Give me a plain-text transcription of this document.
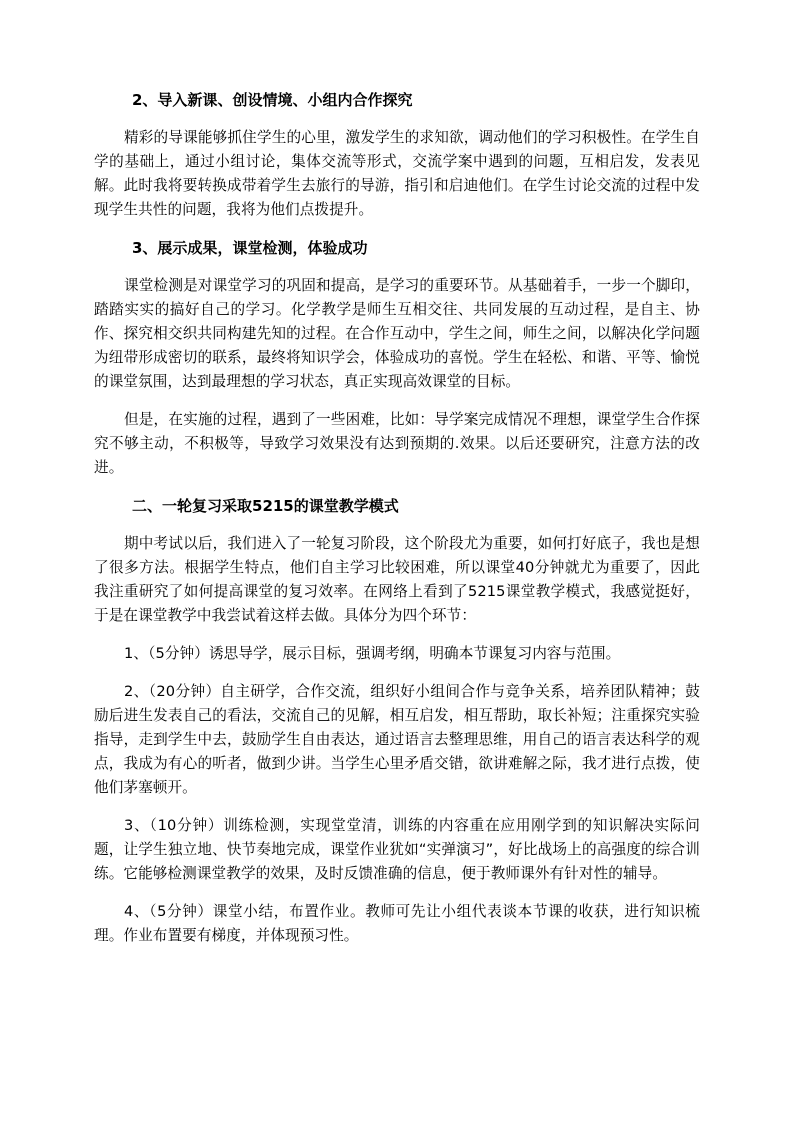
2、导入新课、创设情境、小组内合作探究

精彩的导课能够抓住学生的心里，激发学生的求知欲，调动他们的学习积极性。在学生自学的基础上，通过小组讨论，集体交流等形式，交流学案中遇到的问题，互相启发，发表见解。此时我将要转换成带着学生去旅行的导游，指引和启迪他们。在学生讨论交流的过程中发现学生共性的问题，我将为他们点拨提升。

3、展示成果，课堂检测，体验成功

课堂检测是对课堂学习的巩固和提高，是学习的重要环节。从基础着手，一步一个脚印，踏踏实实的搞好自己的学习。化学教学是师生互相交往、共同发展的互动过程，是自主、协作、探究相交织共同构建先知的过程。在合作互动中，学生之间，师生之间，以解决化学问题为纽带形成密切的联系，最终将知识学会，体验成功的喜悦。学生在轻松、和谐、平等、愉悦的课堂氛围，达到最理想的学习状态，真正实现高效课堂的目标。

但是，在实施的过程，遇到了一些困难，比如：导学案完成情况不理想，课堂学生合作探究不够主动，不积极等，导致学习效果没有达到预期的.效果。以后还要研究，注意方法的改进。

二、一轮复习采取5215的课堂教学模式

期中考试以后，我们进入了一轮复习阶段，这个阶段尤为重要，如何打好底子，我也是想了很多方法。根据学生特点，他们自主学习比较困难，所以课堂40分钟就尤为重要了，因此我注重研究了如何提高课堂的复习效率。在网络上看到了5215课堂教学模式，我感觉挺好，于是在课堂教学中我尝试着这样去做。具体分为四个环节：

1、（5分钟）诱思导学，展示目标，强调考纲，明确本节课复习内容与范围。

2、（20分钟）自主研学，合作交流，组织好小组间合作与竞争关系，培养团队精神；鼓励后进生发表自己的看法，交流自己的见解，相互启发，相互帮助，取长补短；注重探究实验指导，走到学生中去，鼓励学生自由表达，通过语言去整理思维，用自己的语言表达科学的观点，我成为有心的听者，做到少讲。当学生心里矛盾交错，欲讲难解之际，我才进行点拨，使他们茅塞顿开。

3、（10分钟）训练检测，实现堂堂清，训练的内容重在应用刚学到的知识解决实际问题，让学生独立地、快节奏地完成，课堂作业犹如“实弹演习”，好比战场上的高强度的综合训练。它能够检测课堂教学的效果，及时反馈准确的信息，便于教师课外有针对性的辅导。

4、（5分钟）课堂小结，布置作业。教师可先让小组代表谈本节课的收获，进行知识梳理。作业布置要有梯度，并体现预习性。
